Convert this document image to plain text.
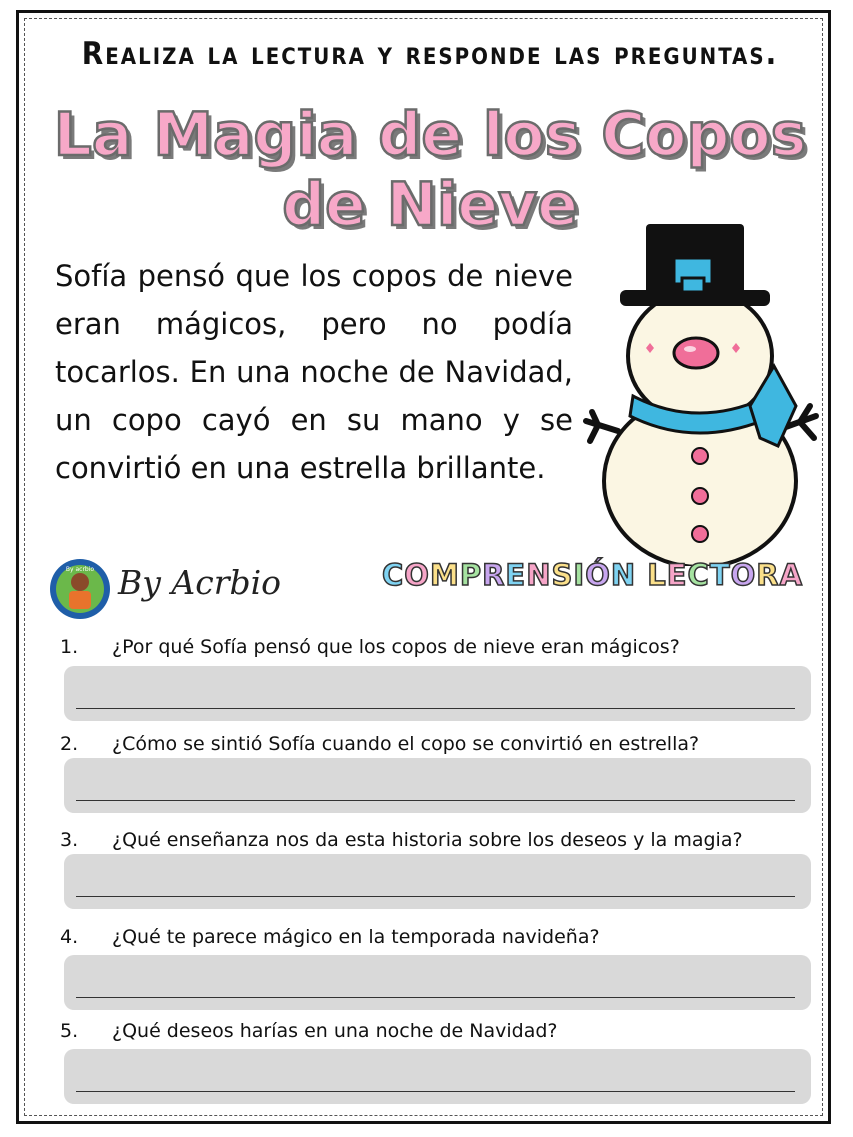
Realiza la lectura y responde las preguntas.
La Magia de los Copos
de Nieve
Sofía pensó que los copos de nieve eran mágicos, pero no podía tocarlos. En una noche de Navidad, un copo cayó en su mano y se convirtió en una estrella brillante.
By acrbio By Acrbio	COMPRENSIÓN LECTORA
1. ¿Por qué Sofía pensó que los copos de nieve eran mágicos?
2. ¿Cómo se sintió Sofía cuando el copo se convirtió en estrella?
3. ¿Qué enseñanza nos da esta historia sobre los deseos y la magia?
4. ¿Qué te parece mágico en la temporada navideña?
5. ¿Qué deseos harías en una noche de Navidad?
